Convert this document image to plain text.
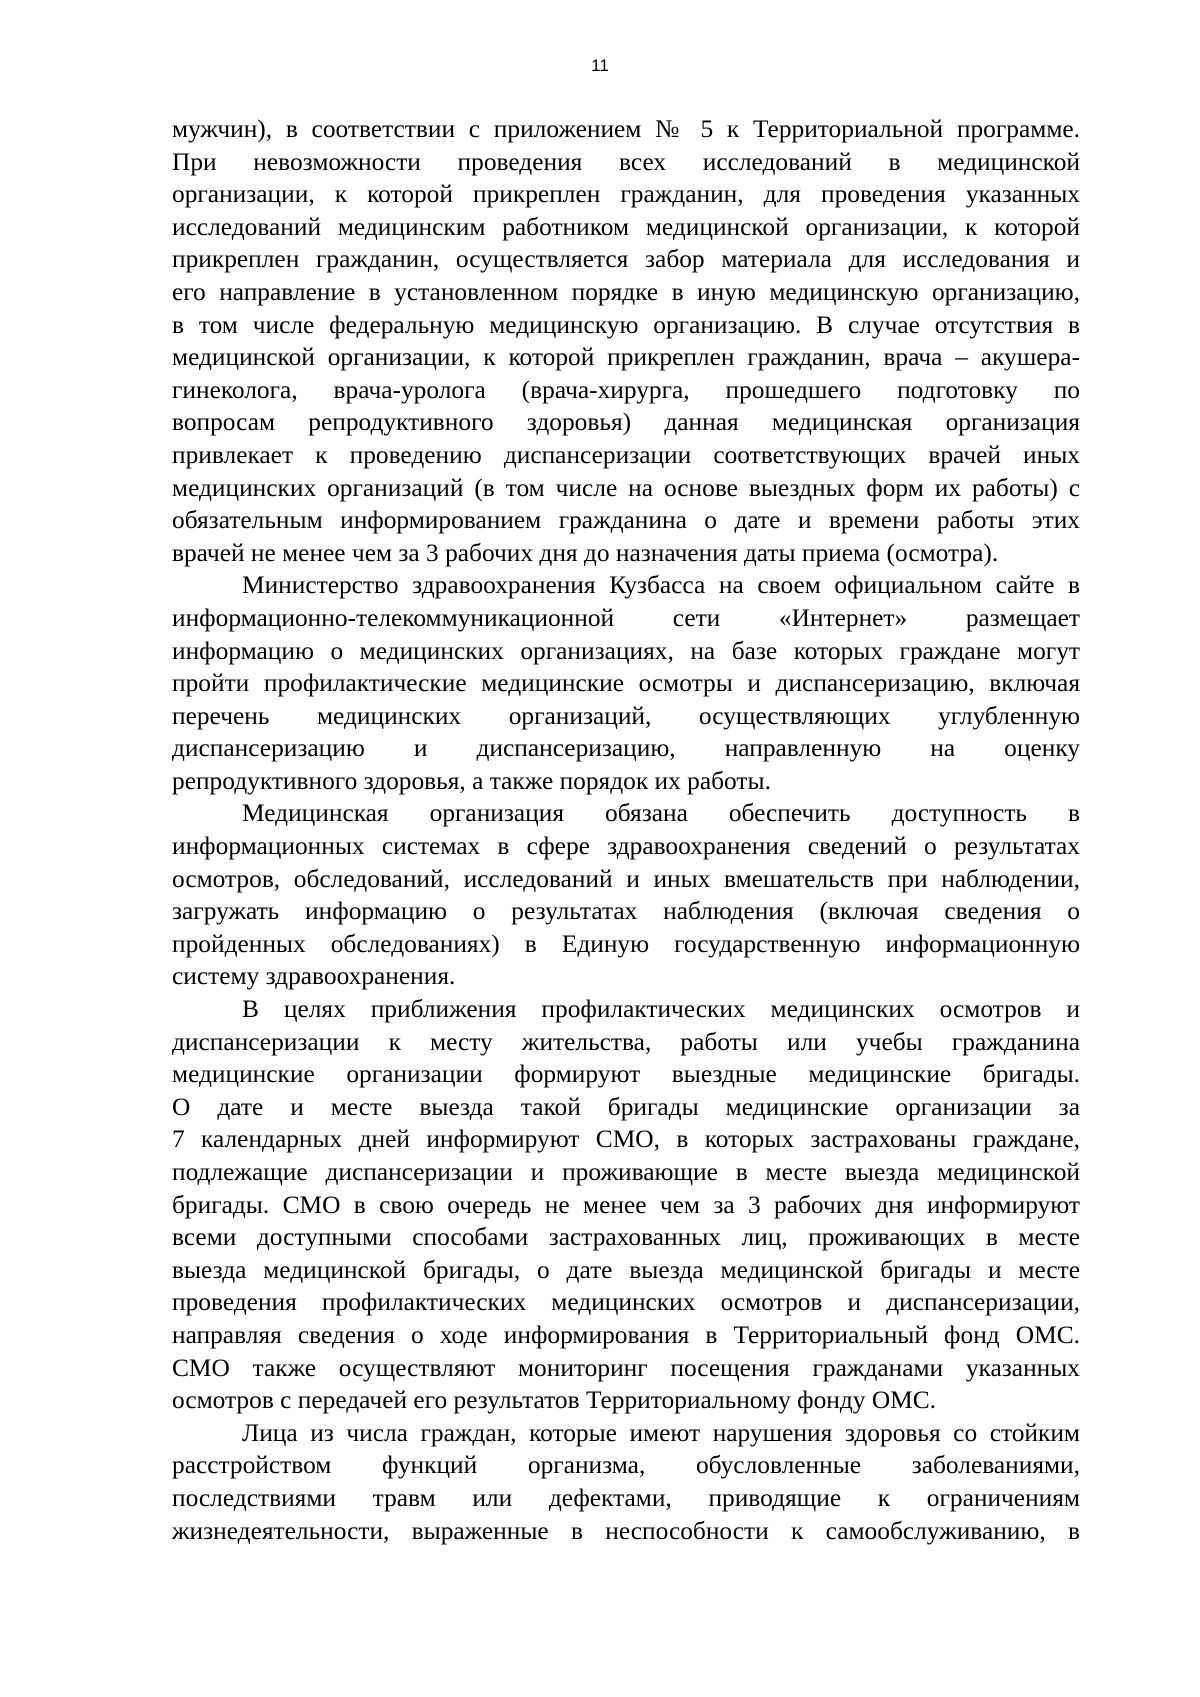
11
мужчин), в соответствии с приложением № 5 к Территориальной программе.
При невозможности проведения всех исследований в медицинской
организации, к которой прикреплен гражданин, для проведения указанных
исследований медицинским работником медицинской организации, к которой
прикреплен гражданин, осуществляется забор материала для исследования и
его направление в установленном порядке в иную медицинскую организацию,
в том числе федеральную медицинскую организацию. В случае отсутствия в
медицинской организации, к которой прикреплен гражданин, врача – акушера-
гинеколога, врача-уролога (врача-хирурга, прошедшего подготовку по
вопросам репродуктивного здоровья) данная медицинская организация
привлекает к проведению диспансеризации соответствующих врачей иных
медицинских организаций (в том числе на основе выездных форм их работы) с
обязательным информированием гражданина о дате и времени работы этих
врачей не менее чем за 3 рабочих дня до назначения даты приема (осмотра).
Министерство здравоохранения Кузбасса на своем официальном сайте в
информационно-телекоммуникационной сети «Интернет» размещает
информацию о медицинских организациях, на базе которых граждане могут
пройти профилактические медицинские осмотры и диспансеризацию, включая
перечень медицинских организаций, осуществляющих углубленную
диспансеризацию и диспансеризацию, направленную на оценку
репродуктивного здоровья, а также порядок их работы.
Медицинская организация обязана обеспечить доступность в
информационных системах в сфере здравоохранения сведений о результатах
осмотров, обследований, исследований и иных вмешательств при наблюдении,
загружать информацию о результатах наблюдения (включая сведения о
пройденных обследованиях) в Единую государственную информационную
систему здравоохранения.
В целях приближения профилактических медицинских осмотров и
диспансеризации к месту жительства, работы или учебы гражданина
медицинские организации формируют выездные медицинские бригады.
О дате и месте выезда такой бригады медицинские организации за
7 календарных дней информируют СМО, в которых застрахованы граждане,
подлежащие диспансеризации и проживающие в месте выезда медицинской
бригады. СМО в свою очередь не менее чем за 3 рабочих дня информируют
всеми доступными способами застрахованных лиц, проживающих в месте
выезда медицинской бригады, о дате выезда медицинской бригады и месте
проведения профилактических медицинских осмотров и диспансеризации,
направляя сведения о ходе информирования в Территориальный фонд ОМС.
СМО также осуществляют мониторинг посещения гражданами указанных
осмотров с передачей его результатов Территориальному фонду ОМС.
Лица из числа граждан, которые имеют нарушения здоровья со стойким
расстройством функций организма, обусловленные заболеваниями,
последствиями травм или дефектами, приводящие к ограничениям
жизнедеятельности, выраженные в неспособности к самообслуживанию, в
